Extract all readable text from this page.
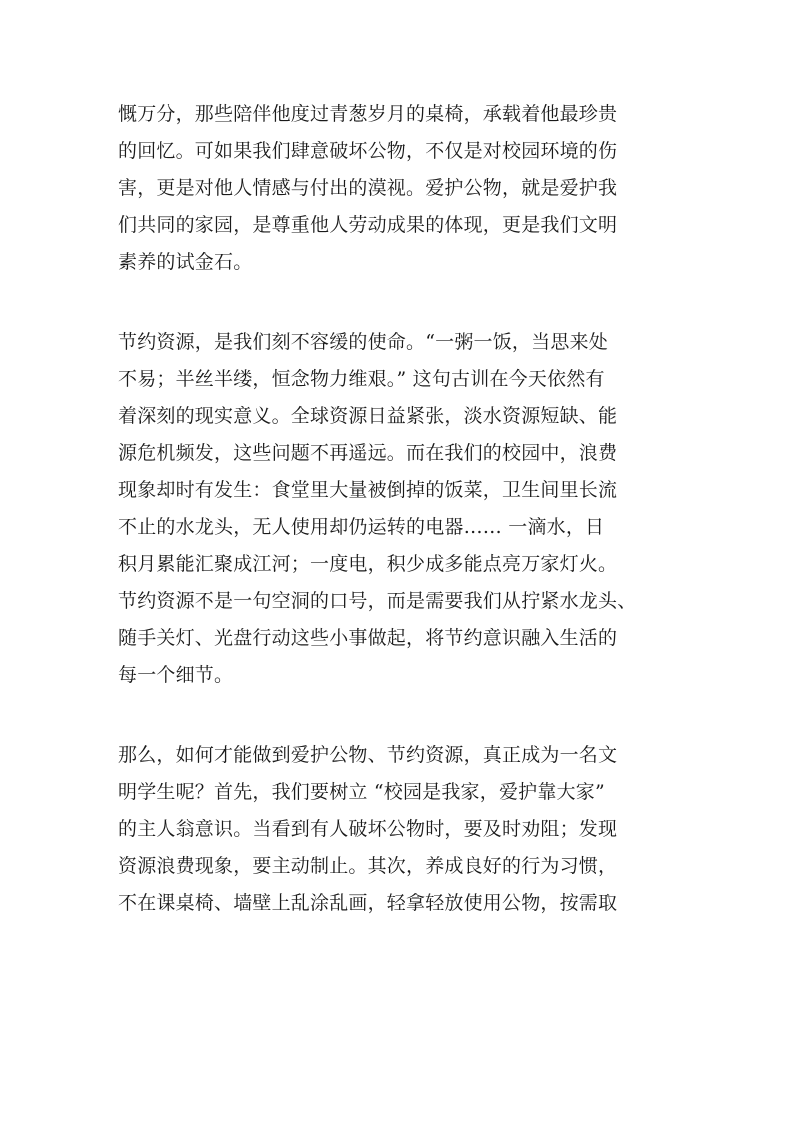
慨万分，那些陪伴他度过青葱岁月的桌椅，承载着他最珍贵
的回忆。可如果我们肆意破坏公物，不仅是对校园环境的伤
害，更是对他人情感与付出的漠视。爱护公物，就是爱护我
们共同的家园，是尊重他人劳动成果的体现，更是我们文明
素养的试金石。
节约资源，是我们刻不容缓的使命。“一粥一饭，当思来处
不易；半丝半缕，恒念物力维艰。” 这句古训在今天依然有
着深刻的现实意义。全球资源日益紧张，淡水资源短缺、能
源危机频发，这些问题不再遥远。而在我们的校园中，浪费
现象却时有发生：食堂里大量被倒掉的饭菜，卫生间里长流
不止的水龙头，无人使用却仍运转的电器…… 一滴水，日
积月累能汇聚成江河；一度电，积少成多能点亮万家灯火。
节约资源不是一句空洞的口号，而是需要我们从拧紧水龙头、
随手关灯、光盘行动这些小事做起，将节约意识融入生活的
每一个细节。
那么，如何才能做到爱护公物、节约资源，真正成为一名文
明学生呢？首先，我们要树立 “校园是我家，爱护靠大家”
的主人翁意识。当看到有人破坏公物时，要及时劝阻；发现
资源浪费现象，要主动制止。其次，养成良好的行为习惯，
不在课桌椅、墙壁上乱涂乱画，轻拿轻放使用公物，按需取
